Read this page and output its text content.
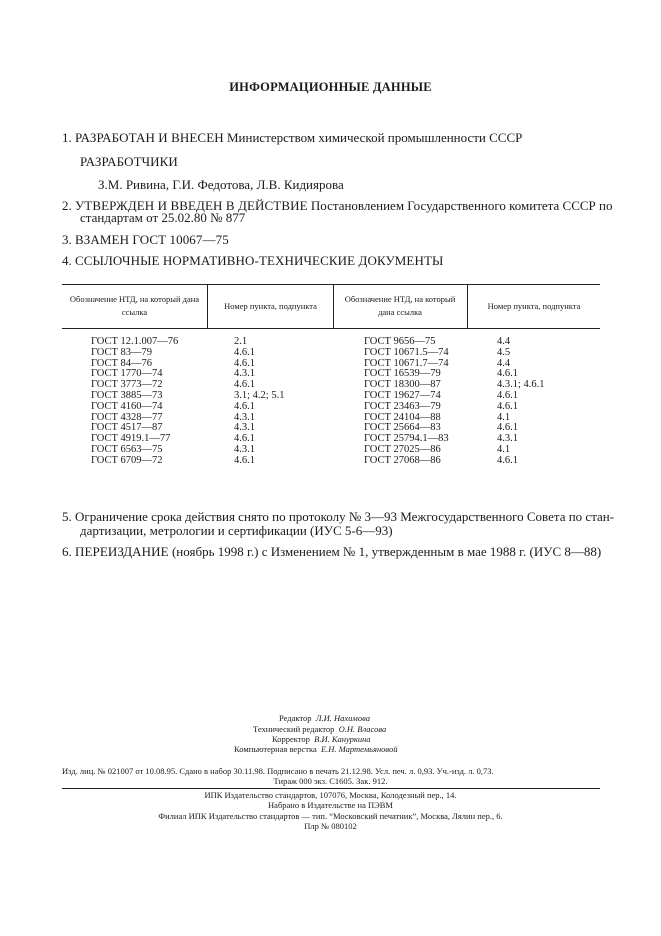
ИНФОРМАЦИОННЫЕ ДАННЫЕ
1. РАЗРАБОТАН И ВНЕСЕН Министерством химической промышленности СССР
РАЗРАБОТЧИКИ
З.М. Ривина, Г.И. Федотова, Л.В. Кидиярова
2. УТВЕРЖДЕН И ВВЕДЕН В ДЕЙСТВИЕ Постановлением Государственного комитета СССР по
стандартам от 25.02.80 № 877
3. ВЗАМЕН ГОСТ 10067—75
4. ССЫЛОЧНЫЕ НОРМАТИВНО-ТЕХНИЧЕСКИЕ ДОКУМЕНТЫ
Обозначение НТД, на который дана ссылка
Номер пункта, подпункта
Обозначение НТД, на который дана ссылка
Номер пункта, подпункта
ГОСТ 12.1.007—76
ГОСТ 83—79
ГОСТ 84—76
ГОСТ 1770—74
ГОСТ 3773—72
ГОСТ 3885—73
ГОСТ 4160—74
ГОСТ 4328—77
ГОСТ 4517—87
ГОСТ 4919.1—77
ГОСТ 6563—75
ГОСТ 6709—72
2.1
4.6.1
4.6.1
4.3.1
4.6.1
3.1; 4.2; 5.1
4.6.1
4.3.1
4.3.1
4.6.1
4.3.1
4.6.1
ГОСТ 9656—75
ГОСТ 10671.5—74
ГОСТ 10671.7—74
ГОСТ 16539—79
ГОСТ 18300—87
ГОСТ 19627—74
ГОСТ 23463—79
ГОСТ 24104—88
ГОСТ 25664—83
ГОСТ 25794.1—83
ГОСТ 27025—86
ГОСТ 27068—86
4.4
4.5
4.4
4.6.1
4.3.1; 4.6.1
4.6.1
4.6.1
4.1
4.6.1
4.3.1
4.1
4.6.1
5. Ограничение срока действия снято по протоколу № 3—93 Межгосударственного Совета по стан-
дартизации, метрологии и сертификации (ИУС 5-6—93)
6. ПЕРЕИЗДАНИЕ (ноябрь 1998 г.) с Изменением № 1, утвержденным в мае 1988 г. (ИУС 8—88)
Редактор Л.И. Нахимова
Технический редактор О.Н. Власова
Корректор В.И. Кануркина
Компьютерная верстка Е.Н. Мартемьяновой
Изд. лиц. № 021007 от 10.08.95. Сдано в набор 30.11.98. Подписано в печать 21.12.98. Усл. печ. л. 0,93. Уч.-изд. л. 0,73.
Тираж 000 экз. С1605. Зак. 912.
ИПК Издательство стандартов, 107076, Москва, Колодезный пер., 14.
Набрано в Издательстве на ПЭВМ
Филиал ИПК Издательство стандартов — тип. “Московский печатник”, Москва, Лялин пер., 6.
Плр № 080102
